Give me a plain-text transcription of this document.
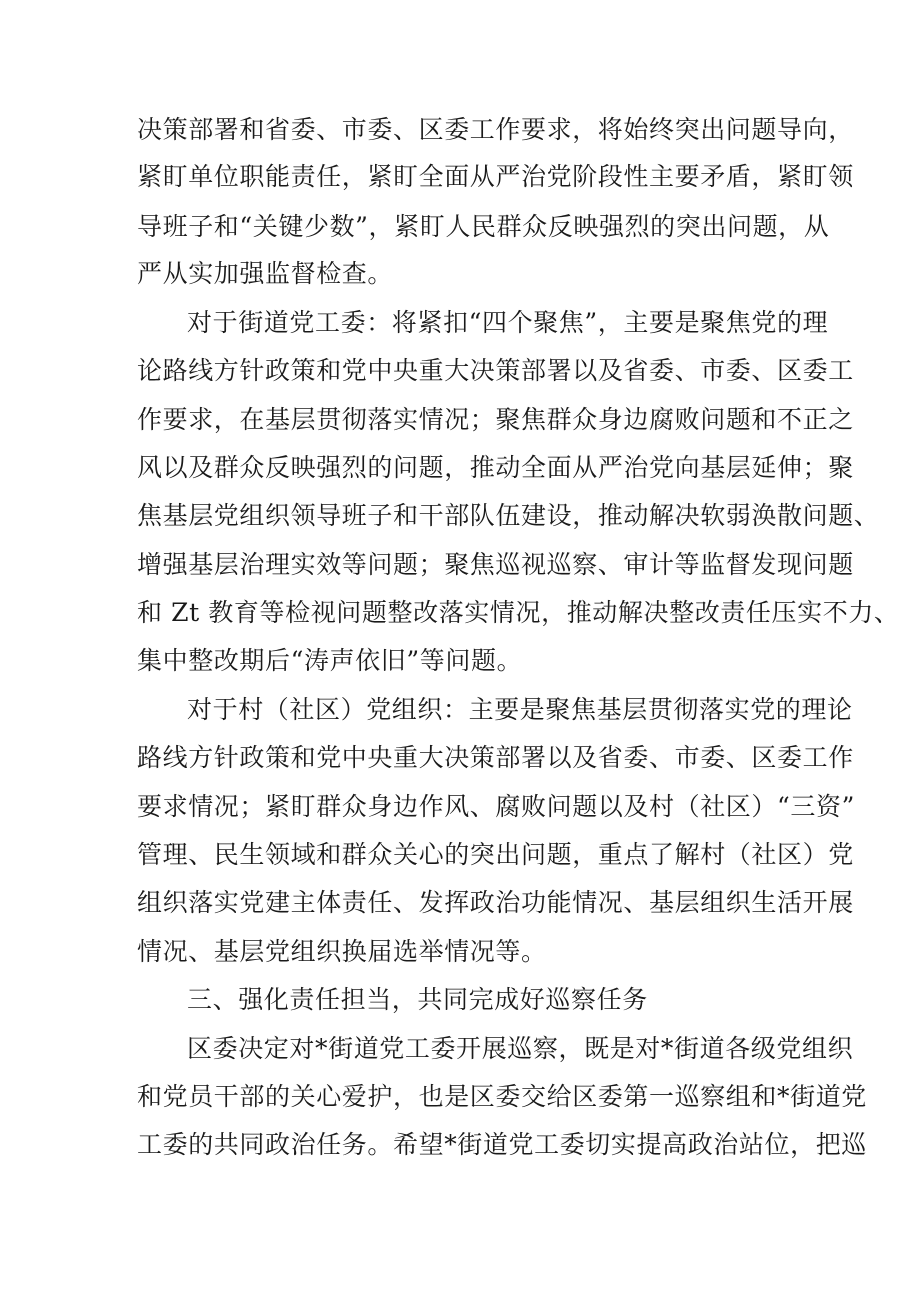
决策部署和省委、市委、区委工作要求，将始终突出问题导向，
紧盯单位职能责任，紧盯全面从严治党阶段性主要矛盾，紧盯领
导班子和“关键少数”，紧盯人民群众反映强烈的突出问题，从
严从实加强监督检查。
对于街道党工委：将紧扣“四个聚焦”，主要是聚焦党的理
论路线方针政策和党中央重大决策部署以及省委、市委、区委工
作要求，在基层贯彻落实情况；聚焦群众身边腐败问题和不正之
风以及群众反映强烈的问题，推动全面从严治党向基层延伸；聚
焦基层党组织领导班子和干部队伍建设，推动解决软弱涣散问题、
增强基层治理实效等问题；聚焦巡视巡察、审计等监督发现问题
和 Zt 教育等检视问题整改落实情况，推动解决整改责任压实不力、
集中整改期后“涛声依旧”等问题。
对于村（社区）党组织：主要是聚焦基层贯彻落实党的理论
路线方针政策和党中央重大决策部署以及省委、市委、区委工作
要求情况；紧盯群众身边作风、腐败问题以及村（社区）“三资”
管理、民生领域和群众关心的突出问题，重点了解村（社区）党
组织落实党建主体责任、发挥政治功能情况、基层组织生活开展
情况、基层党组织换届选举情况等。
三、强化责任担当，共同完成好巡察任务
区委决定对*街道党工委开展巡察，既是对*街道各级党组织
和党员干部的关心爱护，也是区委交给区委第一巡察组和*街道党
工委的共同政治任务。希望*街道党工委切实提高政治站位，把巡
